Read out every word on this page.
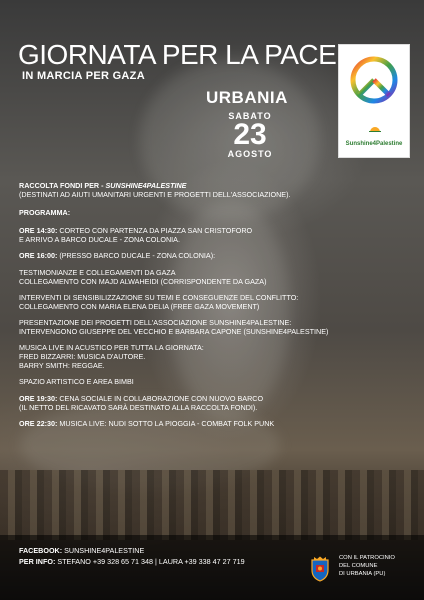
GIORNATA PER LA PACE
IN MARCIA PER GAZA
URBANIA
SABATO
23
AGOSTO
Sunshine4Palestine

RACCOLTA FONDI PER - SUNSHINE4PALESTINE

(DESTINATI AD AIUTI UMANITARI URGENTI E PROGETTI DELL'ASSOCIAZIONE).

PROGRAMMA:

ORE 14:30: CORTEO CON PARTENZA DA PIAZZA SAN CRISTOFORO

E ARRIVO A BARCO DUCALE - ZONA COLONIA.

ORE 16:00: (PRESSO BARCO DUCALE - ZONA COLONIA):

TESTIMONIANZE E COLLEGAMENTI DA GAZA

COLLEGAMENTO CON MAJD ALWAHEIDI (CORRISPONDENTE DA GAZA)

INTERVENTI DI SENSIBILIZZAZIONE SU TEMI E CONSEGUENZE DEL CONFLITTO:

COLLEGAMENTO CON MARIA ELENA DELIA (FREE GAZA MOVEMENT)

PRESENTAZIONE DEI PROGETTI DELL'ASSOCIAZIONE SUNSHINE4PALESTINE:

INTERVENGONO GIUSEPPE DEL VECCHIO E BARBARA CAPONE (SUNSHINE4PALESTINE)

MUSICA LIVE IN ACUSTICO PER TUTTA LA GIORNATA:

FRED BIZZARRI: MUSICA D'AUTORE.

BARRY SMITH: REGGAE.

SPAZIO ARTISTICO E AREA BIMBI

ORE 19:30: CENA SOCIALE IN COLLABORAZIONE CON NUOVO BARCO

(IL NETTO DEL RICAVATO SARÀ DESTINATO ALLA RACCOLTA FONDI).

ORE 22:30: MUSICA LIVE: NUDI SOTTO LA PIOGGIA - COMBAT FOLK PUNK

FACEBOOK: SUNSHINE4PALESTINE

PER INFO: STEFANO +39 328 65 71 348 | LAURA +39 338 47 27 719	CON IL PATROCINIO
DEL COMUNE
DI URBANIA (PU)
